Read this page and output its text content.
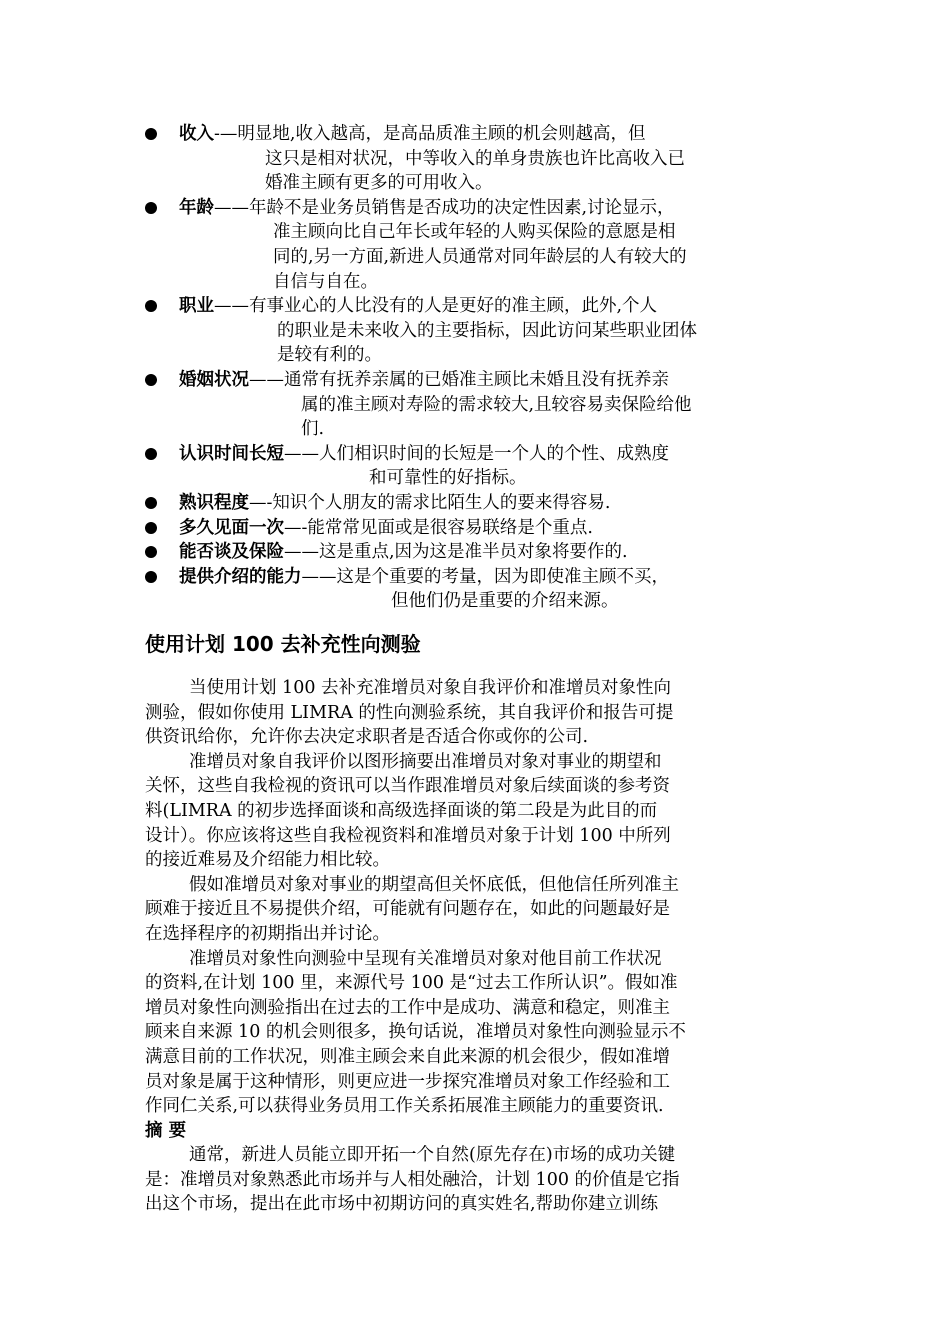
收入-—明显地,收入越高，是高品质准主顾的机会则越高，但
这只是相对状况，中等收入的单身贵族也许比高收入已
婚准主顾有更多的可用收入。
年龄——年龄不是业务员销售是否成功的决定性因素,讨论显示，
准主顾向比自己年长或年轻的人购买保险的意愿是相
同的,另一方面,新进人员通常对同年龄层的人有较大的
自信与自在。
职业——有事业心的人比没有的人是更好的准主顾，此外,个人
的职业是未来收入的主要指标，因此访问某些职业团体
是较有利的。
婚姻状况——通常有抚养亲属的已婚准主顾比未婚且没有抚养亲
属的准主顾对寿险的需求较大,且较容易卖保险给他
们.
认识时间长短——人们相识时间的长短是一个人的个性、成熟度
和可靠性的好指标。
熟识程度—-知识个人朋友的需求比陌生人的要来得容易.
多久见面一次—-能常常见面或是很容易联络是个重点.
能否谈及保险——这是重点,因为这是准半员对象将要作的.
提供介绍的能力——这是个重要的考量，因为即使准主顾不买，
但他们仍是重要的介绍来源。
使用计划 100 去补充性向测验

当使用计划 100 去补充准增员对象自我评价和准增员对象性向
测验，假如你使用 LIMRA 的性向测验系统，其自我评价和报告可提
供资讯给你，允许你去决定求职者是否适合你或你的公司.

准增员对象自我评价以图形摘要出准增员对象对事业的期望和
关怀，这些自我检视的资讯可以当作跟准增员对象后续面谈的参考资
料(LIMRA 的初步选择面谈和高级选择面谈的第二段是为此目的而
设计）。你应该将这些自我检视资料和准增员对象于计划 100 中所列
的接近难易及介绍能力相比较。

假如准增员对象对事业的期望高但关怀底低，但他信任所列准主
顾难于接近且不易提供介绍，可能就有问题存在，如此的问题最好是
在选择程序的初期指出并讨论。

准增员对象性向测验中呈现有关准增员对象对他目前工作状况
的资料,在计划 100 里，来源代号 100 是“过去工作所认识”。假如准
增员对象性向测验指出在过去的工作中是成功、满意和稳定，则准主
顾来自来源 10 的机会则很多，换句话说，准增员对象性向测验显示不
满意目前的工作状况，则准主顾会来自此来源的机会很少，假如准增
员对象是属于这种情形，则更应进一步探究准增员对象工作经验和工
作同仁关系,可以获得业务员用工作关系拓展准主顾能力的重要资讯.

摘 要

通常，新进人员能立即开拓一个自然(原先存在)市场的成功关键
是：准增员对象熟悉此市场并与人相处融洽，计划 100 的价值是它指
出这个市场，提出在此市场中初期访问的真实姓名,帮助你建立训练
